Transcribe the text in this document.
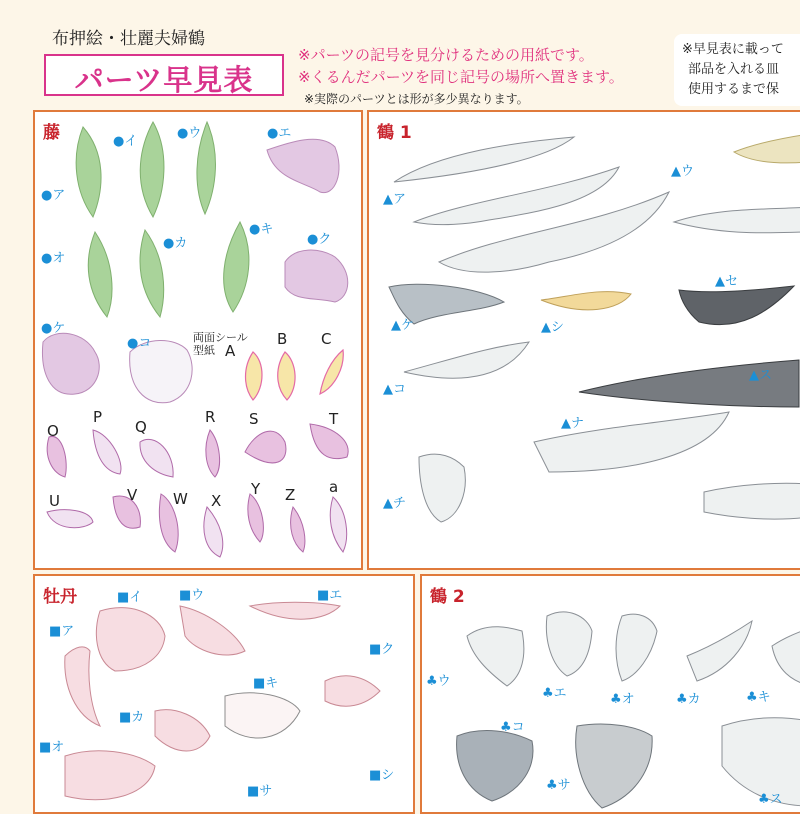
布押絵・壮麗夫婦鶴
パーツ早見表
※パーツの記号を見分けるための用紙です。
※くるんだパーツを同じ記号の場所へ置きます。
※実際のパーツとは形が多少異なります。
※早見表に載って
部品を入れる皿
使用するまで保
藤	●イ
●ウ	●エ
●ア
●オ
●カ
●キ
●ク
●ケ
●コ	両面シール
型紙 A
B C
O
P
Q
R S	T
U	V W X
Y Z a
鶴 1
▲ウ
▲ア
▲ケ	▲シ
▲セ
▲コ
▲ス
▲ナ
▲チ
牡丹	■イ	■ウ	■エ
■ア
■ク
■キ
■カ
■オ
■サ
■シ
鶴 2
♣ウ
♣エ	♣オ	♣カ	♣キ
♣コ
♣サ
♣ス
